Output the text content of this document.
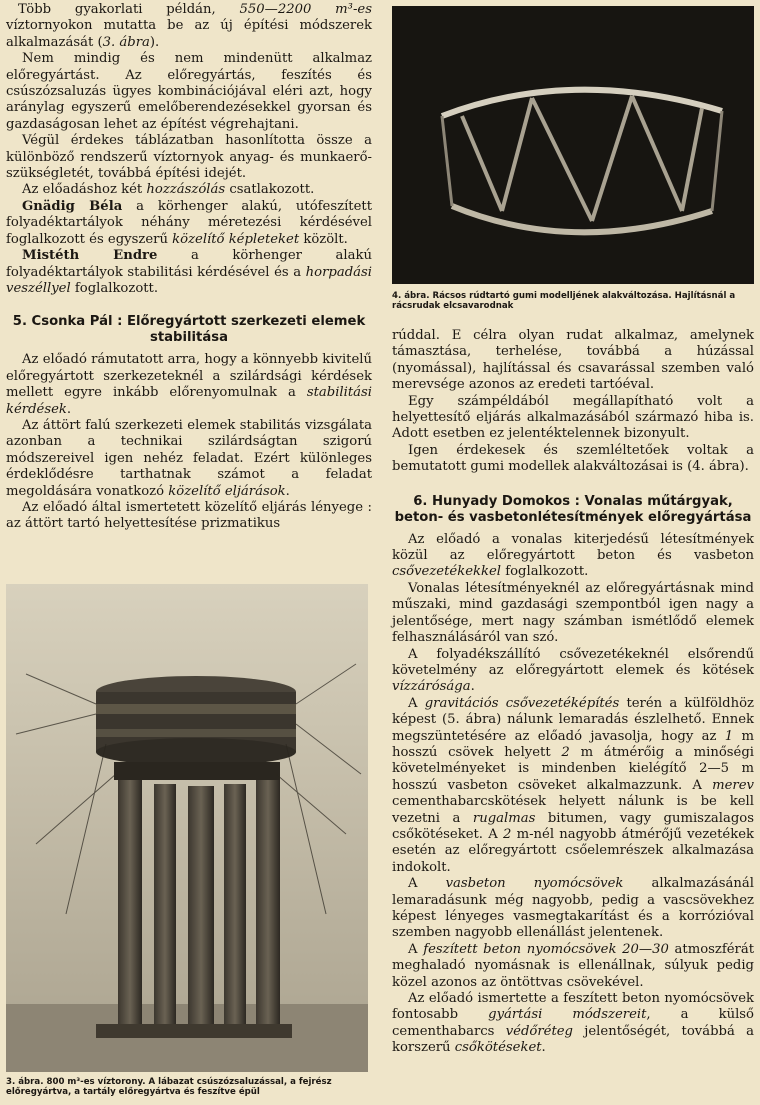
Több gyakorlati példán, 550—2200 m³-es víztornyokon mutatta be az új építési módszerek alkalmazását (3. ábra).

Nem mindig és nem mindenütt alkalmaz előregyártást. Az előregyártás, feszítés és csúszózsaluzás ügyes kombinációjával eléri azt, hogy aránylag egyszerű emelőberendezésekkel gyorsan és gazdaságosan lehet az építést végrehajtani.

Végül érdekes táblázatban hasonlította össze a különböző rendszerű víztornyok anyag- és munkaerő-szükségletét, továbbá építési idejét.

Az előadáshoz két hozzászólás csatlakozott.

Gnädig Béla a körhenger alakú, utófeszített folyadéktartályok néhány méretezési kérdésével foglalkozott és egyszerű közelítő képleteket közölt.

Mistéth Endre a körhenger alakú folyadéktartályok stabilitási kérdésével és a horpadási veszéllyel foglalkozott.

5. Csonka Pál : Előregyártott szerkezeti elemek
stabilitása

Az előadó rámutatott arra, hogy a könnyebb kivitelű előregyártott szerkezeteknél a szilárdsági kérdések mellett egyre inkább előrenyomulnak a stabilitási kérdések.

Az áttört falú szerkezeti elemek stabilitás vizsgálata azonban a technikai szilárdságtan szigorú módszereivel igen nehéz feladat. Ezért különleges érdeklődésre tarthatnak számot a feladat megoldására vonatkozó közelítő eljárások.

Az előadó által ismertetett közelítő eljárás lényege : az áttört tartó helyettesítése prizmatikus

3. ábra. 800 m³-es víztorony. A lábazat csúszózsaluzással, a fejrész előregyártva, a tartály előregyártva és feszítve épül
4. ábra. Rácsos rúdtartó gumi modelljének alakváltozása. Hajlításnál a rácsrudak elcsavarodnak

rúddal. E célra olyan rudat alkalmaz, amelynek támasztása, terhelése, továbbá a húzással (nyomással), hajlítással és csavarással szemben való merevsége azonos az eredeti tartóéval.

Egy számpéldából megállapítható volt a helyettesítő eljárás alkalmazásából származó hiba is. Adott esetben ez jelentéktelennek bizonyult.

Igen érdekesek és szemléltetőek voltak a bemutatott gumi modellek alakváltozásai is (4. ábra).

6. Hunyady Domokos : Vonalas műtárgyak,
beton- és vasbetonlétesítmények előregyártása

Az előadó a vonalas kiterjedésű létesítmények közül az előregyártott beton és vasbeton csővezetékekkel foglalkozott.

Vonalas létesítményeknél az előregyártásnak mind műszaki, mind gazdasági szempontból igen nagy a jelentősége, mert nagy számban ismétlődő elemek felhasználásáról van szó.

A folyadékszállító csővezetékeknél elsőrendű követelmény az előregyártott elemek és kötések vízzárósága.

A gravitációs csővezetéképítés terén a külföldhöz képest (5. ábra) nálunk lemaradás észlelhető. Ennek megszüntetésére az előadó javasolja, hogy az 1 m hosszú csövek helyett 2 m átmérőig a minőségi követelményeket is mindenben kielégítő 2—5 m hosszú vasbeton csöveket alkalmazzunk. A merev cementhabarcskötések helyett nálunk is be kell vezetni a rugalmas bitumen, vagy gumiszalagos csőkötéseket. A 2 m-nél nagyobb átmérőjű vezetékek esetén az előregyártott csőelemrészek alkalmazása indokolt.

A vasbeton nyomócsövek alkalmazásánál lemaradásunk még nagyobb, pedig a vascsövekhez képest lényeges vasmegtakarítást és a korrózióval szemben nagyobb ellenállást jelentenek.

A feszített beton nyomócsövek 20—30 atmoszférát meghaladó nyomásnak is ellenállnak, súlyuk pedig közel azonos az öntöttvas csövekével.

Az előadó ismertette a feszített beton nyomócsövek fontosabb gyártási módszereit, a külső cementhabarcs védőréteg jelentőségét, továbbá a korszerű csőkötéseket.
